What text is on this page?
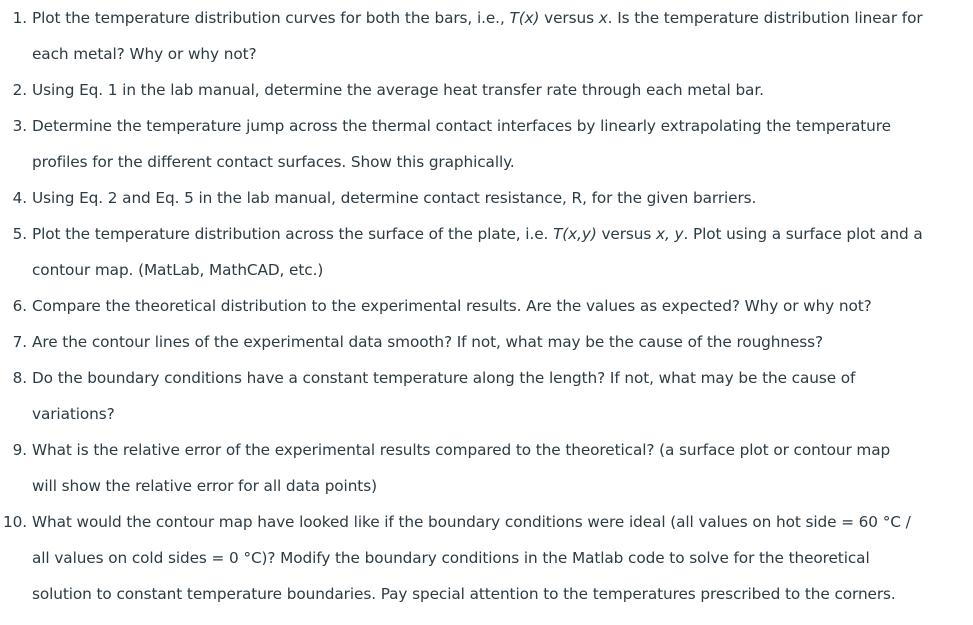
1. Plot the temperature distribution curves for both the bars, i.e., T(x) versus x. Is the temperature distribution linear for
each metal? Why or why not?
2. Using Eq. 1 in the lab manual, determine the average heat transfer rate through each metal bar.
3. Determine the temperature jump across the thermal contact interfaces by linearly extrapolating the temperature
profiles for the different contact surfaces. Show this graphically.
4. Using Eq. 2 and Eq. 5 in the lab manual, determine contact resistance, R, for the given barriers.
5. Plot the temperature distribution across the surface of the plate, i.e. T(x,y) versus x, y. Plot using a surface plot and a
contour map. (MatLab, MathCAD, etc.)
6. Compare the theoretical distribution to the experimental results. Are the values as expected? Why or why not?
7. Are the contour lines of the experimental data smooth? If not, what may be the cause of the roughness?
8. Do the boundary conditions have a constant temperature along the length? If not, what may be the cause of
variations?
9. What is the relative error of the experimental results compared to the theoretical? (a surface plot or contour map
will show the relative error for all data points)
10. What would the contour map have looked like if the boundary conditions were ideal (all values on hot side = 60 °C /
all values on cold sides = 0 °C)? Modify the boundary conditions in the Matlab code to solve for the theoretical
solution to constant temperature boundaries. Pay special attention to the temperatures prescribed to the corners.
